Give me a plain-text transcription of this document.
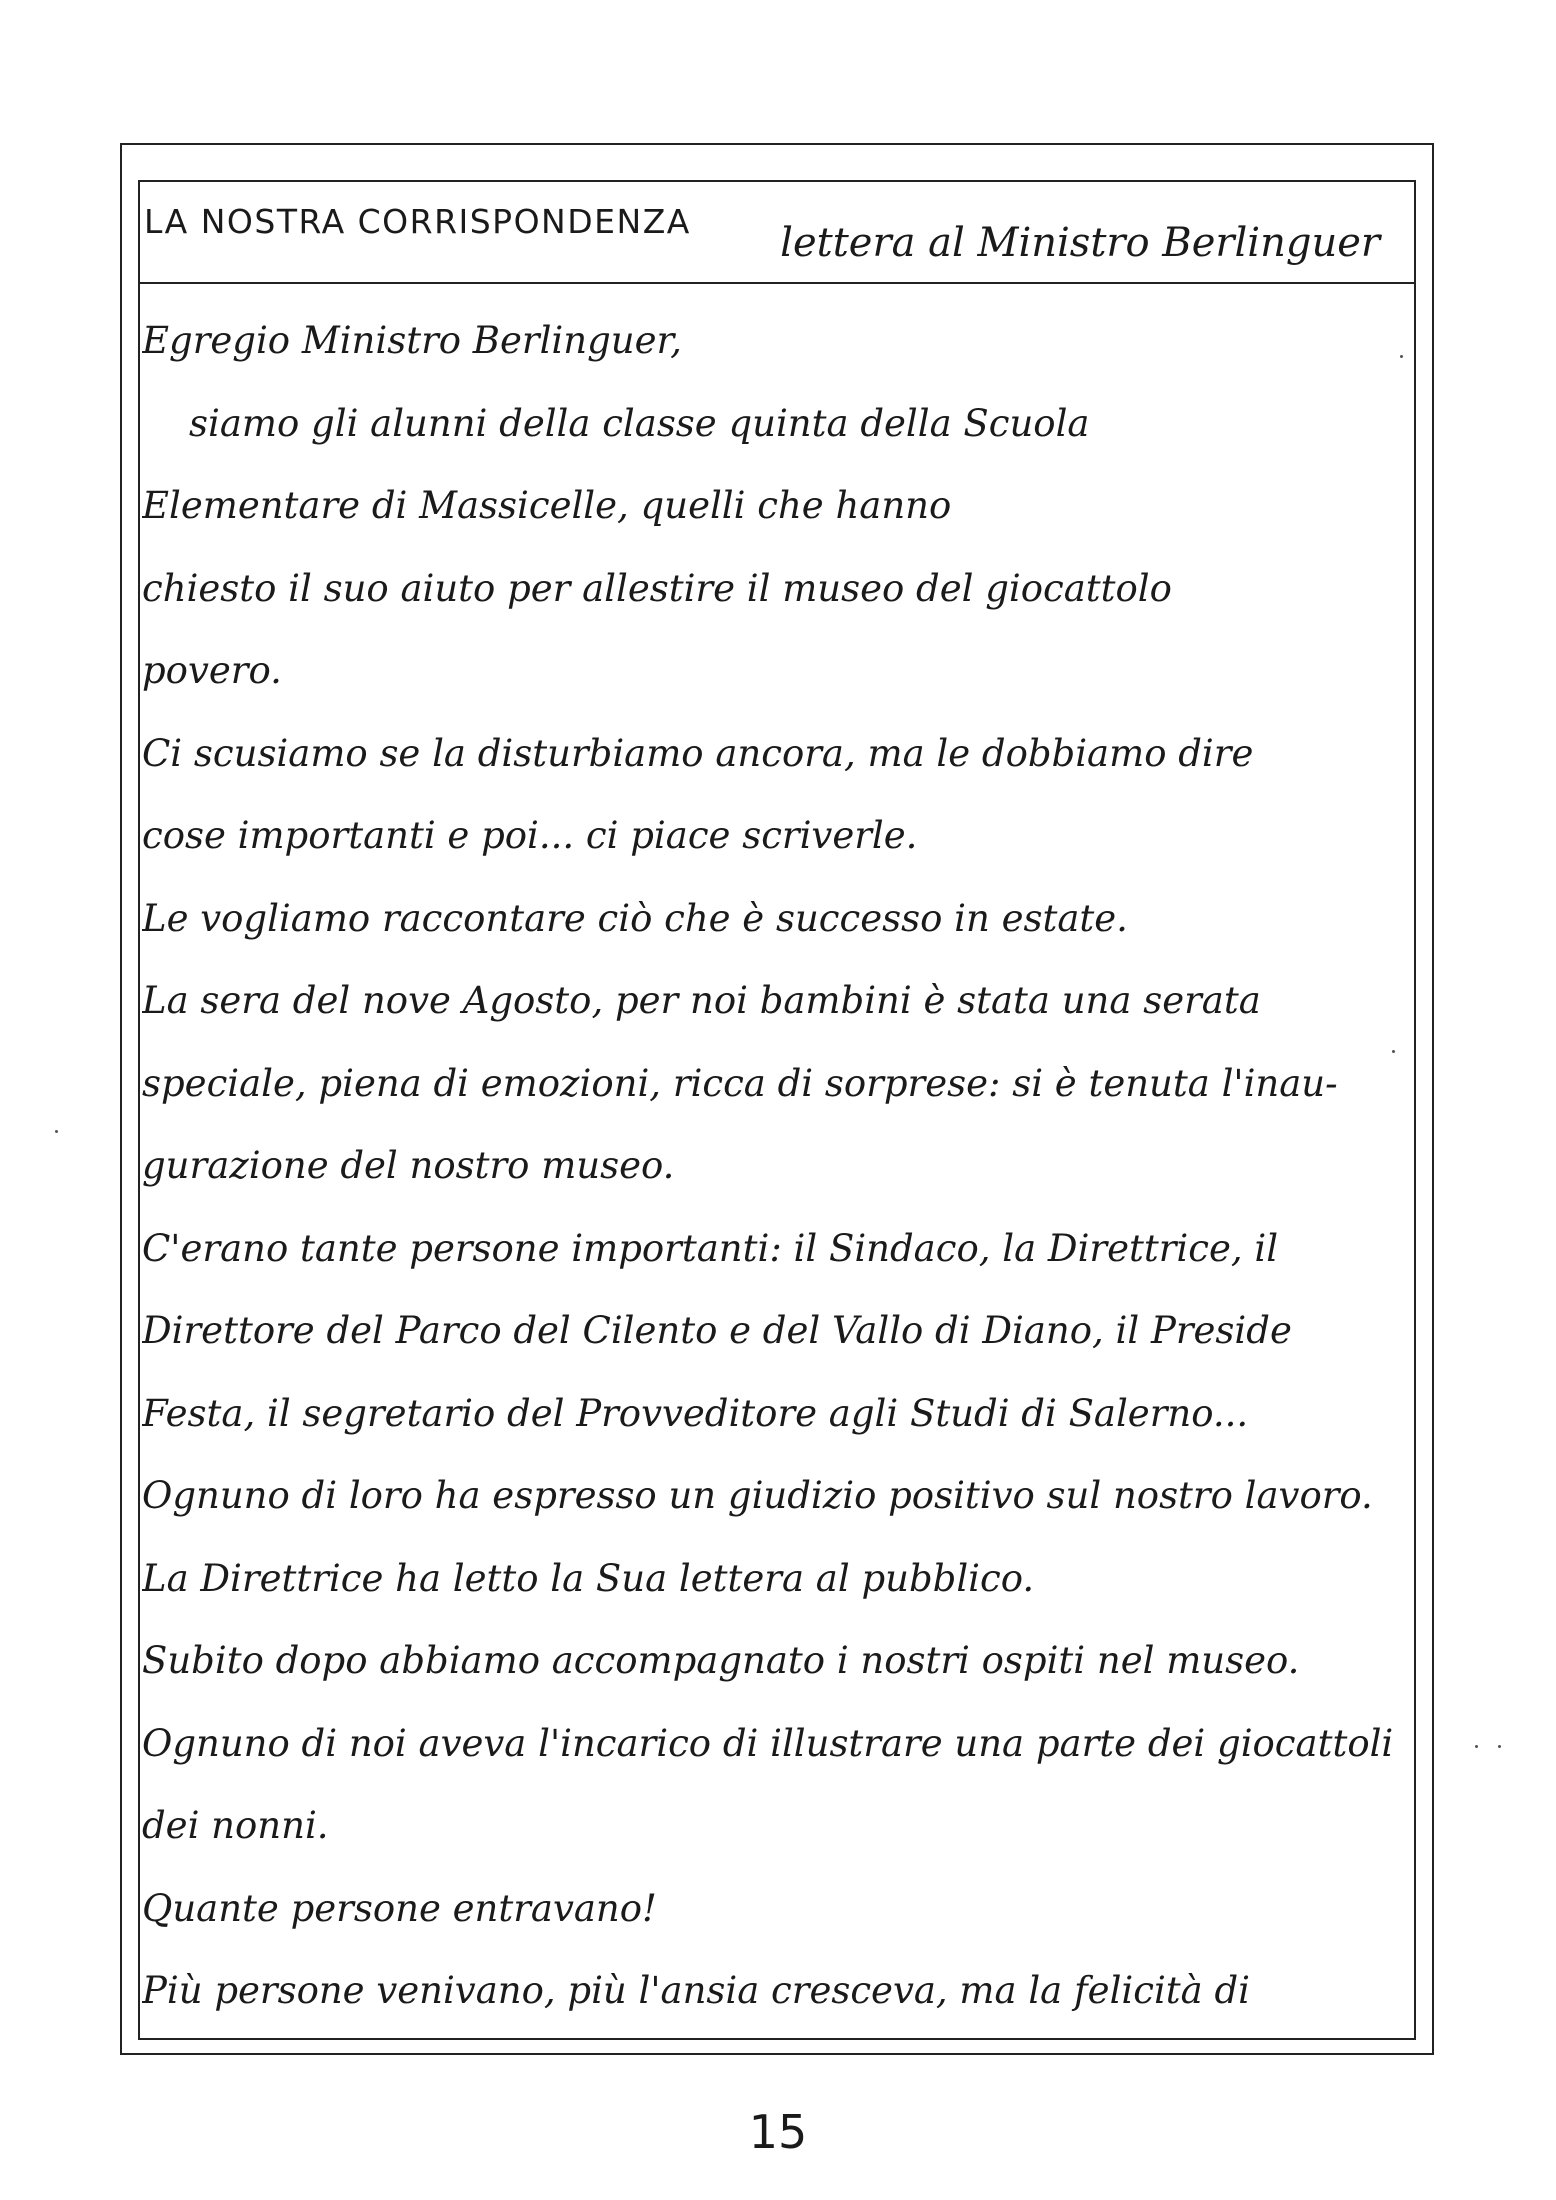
LA NOSTRA CORRISPONDENZA lettera al Ministro Berlinguer
Egregio Ministro Berlinguer,
siamo gli alunni della classe quinta della Scuola
Elementare di Massicelle, quelli che hanno
chiesto il suo aiuto per allestire il museo del giocattolo
povero.
Ci scusiamo se la disturbiamo ancora, ma le dobbiamo dire
cose importanti e poi... ci piace scriverle.
Le vogliamo raccontare ciò che è successo in estate.
La sera del nove Agosto, per noi bambini è stata una serata
speciale, piena di emozioni, ricca di sorprese: si è tenuta l'inau-
gurazione del nostro museo.
C'erano tante persone importanti: il Sindaco, la Direttrice, il
Direttore del Parco del Cilento e del Vallo di Diano, il Preside
Festa, il segretario del Provveditore agli Studi di Salerno...
Ognuno di loro ha espresso un giudizio positivo sul nostro lavoro.
La Direttrice ha letto la Sua lettera al pubblico.
Subito dopo abbiamo accompagnato i nostri ospiti nel museo.
Ognuno di noi aveva l'incarico di illustrare una parte dei giocattoli
dei nonni.
Quante persone entravano!
Più persone venivano, più l'ansia cresceva, ma la felicità di
15
